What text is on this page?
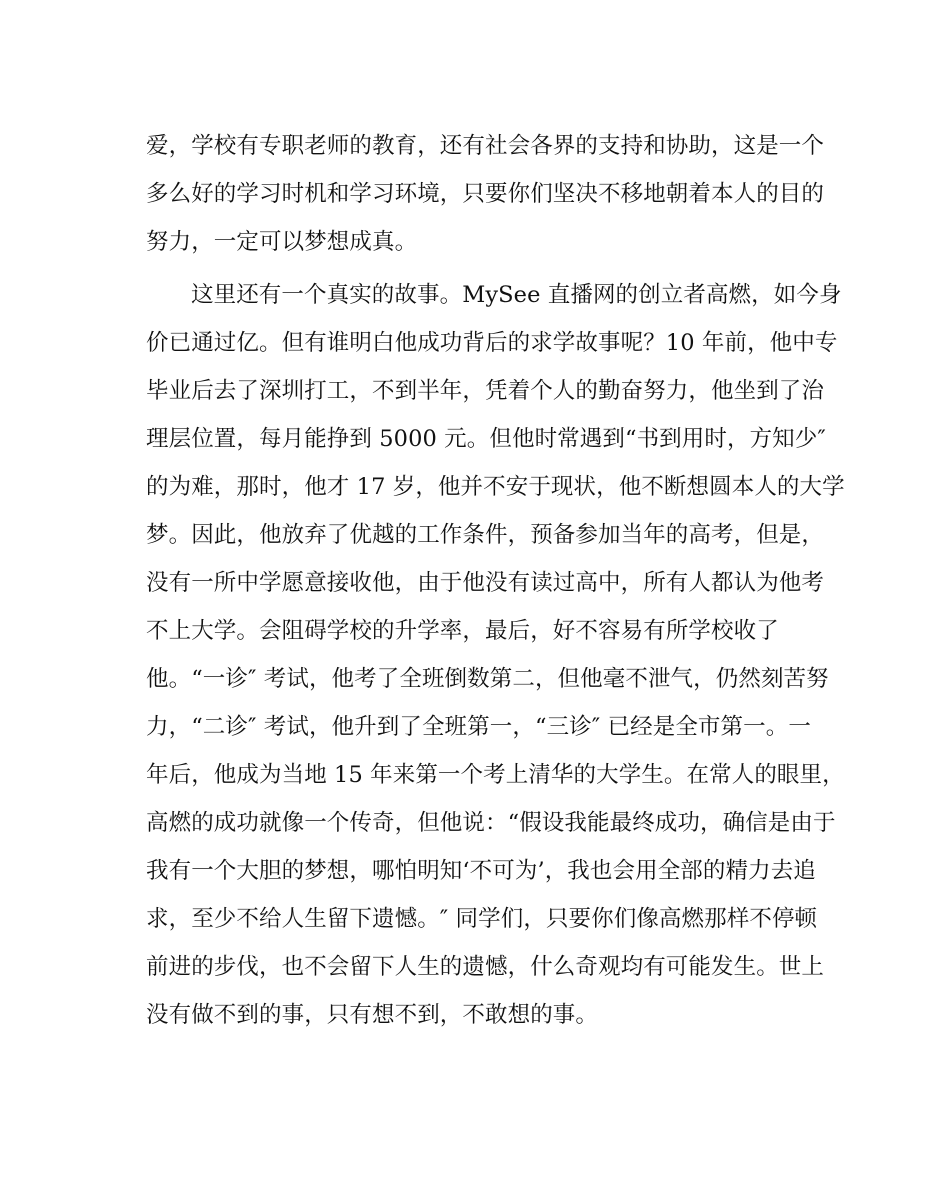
爱，学校有专职老师的教育，还有社会各界的支持和协助，这是一个
多么好的学习时机和学习环境，只要你们坚决不移地朝着本人的目的
努力，一定可以梦想成真。
这里还有一个真实的故事。MySee 直播网的创立者高燃，如今身
价已通过亿。但有谁明白他成功背后的求学故事呢？10 年前，他中专
毕业后去了深圳打工，不到半年，凭着个人的勤奋努力，他坐到了治
理层位置，每月能挣到 5000 元。但他时常遇到“书到用时，方知少″
的为难，那时，他才 17 岁，他并不安于现状，他不断想圆本人的大学
梦。因此，他放弃了优越的工作条件，预备参加当年的高考，但是，
没有一所中学愿意接收他，由于他没有读过高中，所有人都认为他考
不上大学。会阻碍学校的升学率，最后，好不容易有所学校收了
他。“一诊″ 考试，他考了全班倒数第二，但他毫不泄气，仍然刻苦努
力，“二诊″ 考试，他升到了全班第一，“三诊″ 已经是全市第一。一
年后，他成为当地 15 年来第一个考上清华的大学生。在常人的眼里，
高燃的成功就像一个传奇，但他说：“假设我能最终成功，确信是由于
我有一个大胆的梦想，哪怕明知‘不可为’，我也会用全部的精力去追
求，至少不给人生留下遗憾。″ 同学们，只要你们像高燃那样不停顿
前进的步伐，也不会留下人生的遗憾，什么奇观均有可能发生。世上
没有做不到的事，只有想不到，不敢想的事。
